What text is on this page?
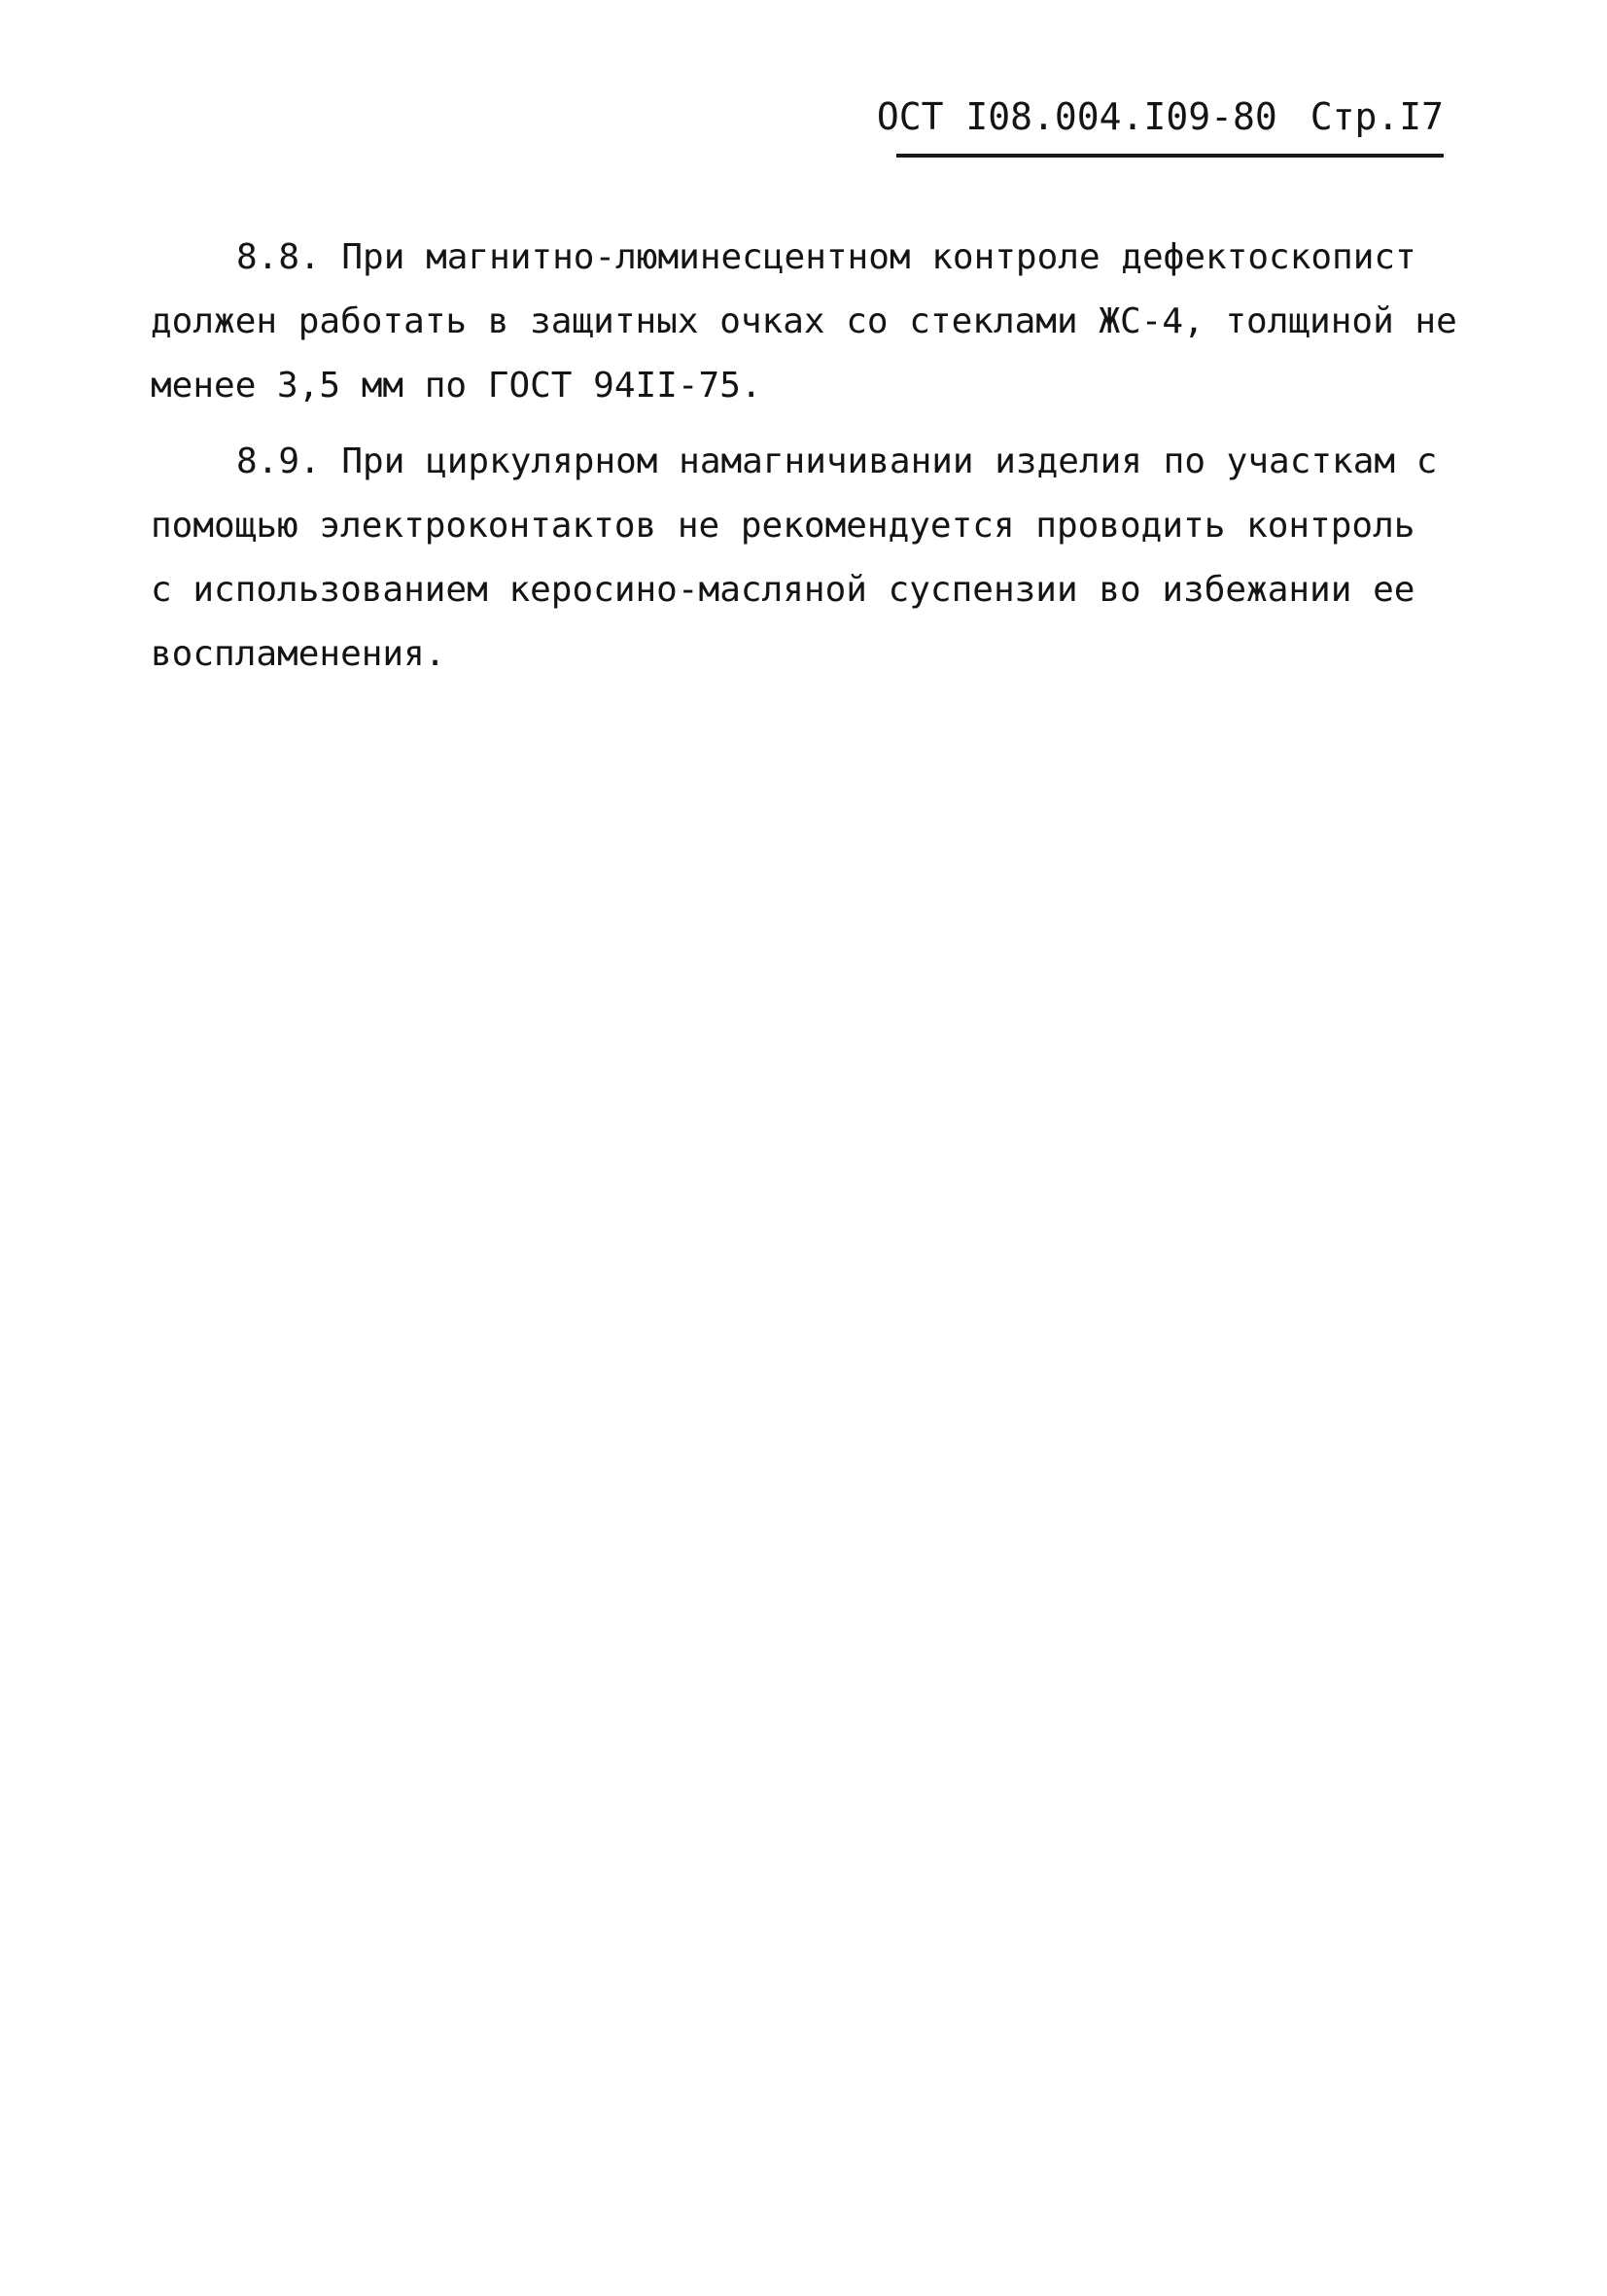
ОСТ I08.004.I09-80 Стр.I7
8.8. При магнитно-люминесцентном контроле дефектоскопист
должен работать в защитных очках со стеклами ЖС-4, толщиной не
менее 3,5 мм по ГОСТ 94II-75.
8.9. При циркулярном намагничивании изделия по участкам с
помощью электроконтактов не рекомендуется проводить контроль
с использованием керосино-масляной суспензии во избежании ее
воспламенения.
